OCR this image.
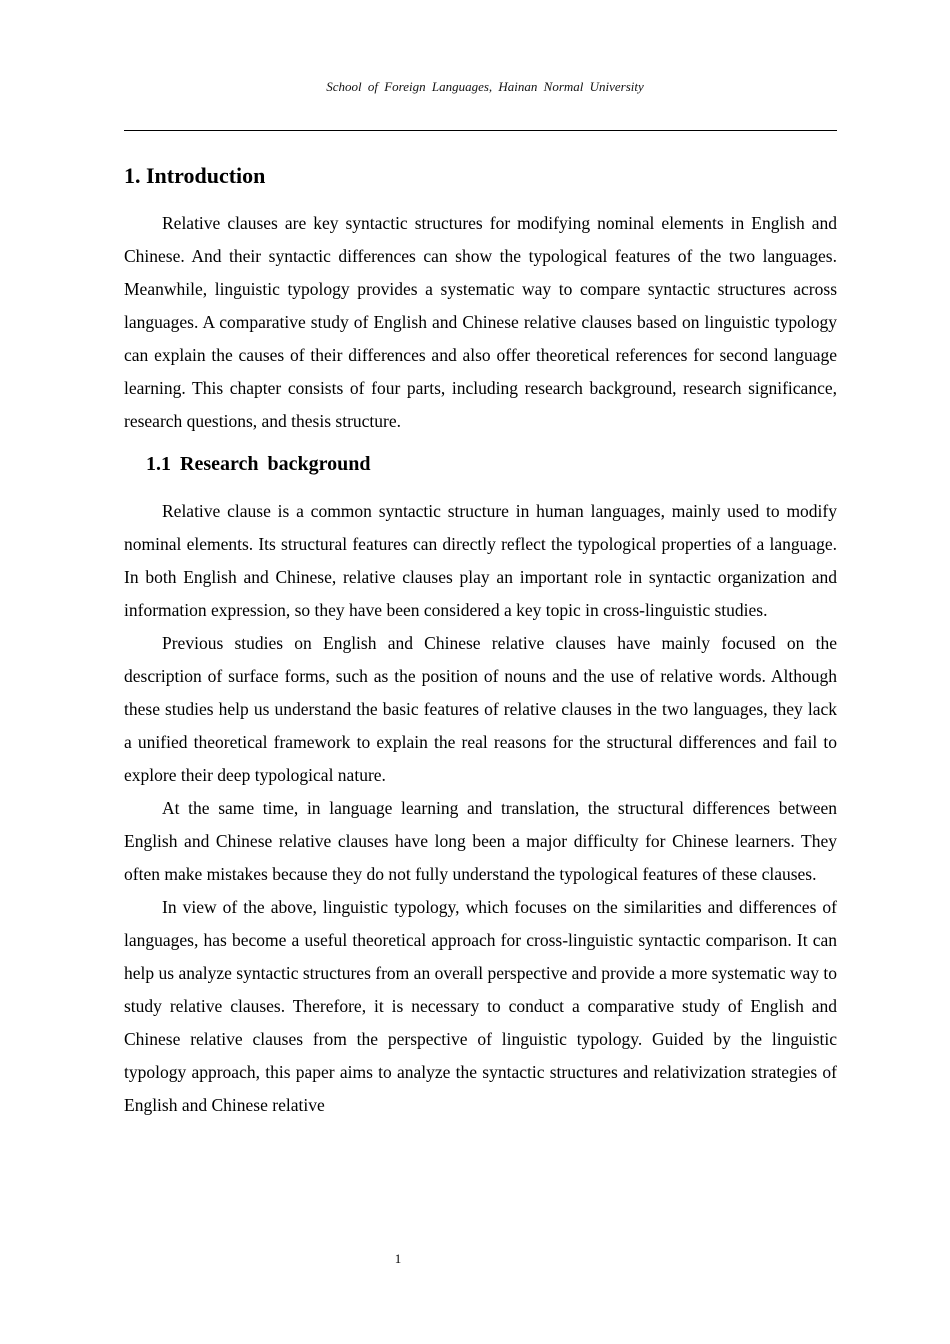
School of Foreign Languages, Hainan Normal University
1. Introduction

Relative clauses are key syntactic structures for modifying nominal elements in English and Chinese. And their syntactic differences can show the typological features of the two languages. Meanwhile, linguistic typology provides a systematic way to compare syntactic structures across languages. A comparative study of English and Chinese relative clauses based on linguistic typology can explain the causes of their differences and also offer theoretical references for second language learning. This chapter consists of four parts, including research background, research significance, research questions, and thesis structure.

1.1 Research background

Relative clause is a common syntactic structure in human languages, mainly used to modify nominal elements. Its structural features can directly reflect the typological properties of a language. In both English and Chinese, relative clauses play an important role in syntactic organization and information expression, so they have been considered a key topic in cross-linguistic studies.

Previous studies on English and Chinese relative clauses have mainly focused on the description of surface forms, such as the position of nouns and the use of relative words. Although these studies help us understand the basic features of relative clauses in the two languages, they lack a unified theoretical framework to explain the real reasons for the structural differences and fail to explore their deep typological nature.

At the same time, in language learning and translation, the structural differences between English and Chinese relative clauses have long been a major difficulty for Chinese learners. They often make mistakes because they do not fully understand the typological features of these clauses.

In view of the above, linguistic typology, which focuses on the similarities and differences of languages, has become a useful theoretical approach for cross-linguistic syntactic comparison. It can help us analyze syntactic structures from an overall perspective and provide a more systematic way to study relative clauses. Therefore, it is necessary to conduct a comparative study of English and Chinese relative clauses from the perspective of linguistic typology. Guided by the linguistic typology approach, this paper aims to analyze the syntactic structures and relativization strategies of English and Chinese relative

1
